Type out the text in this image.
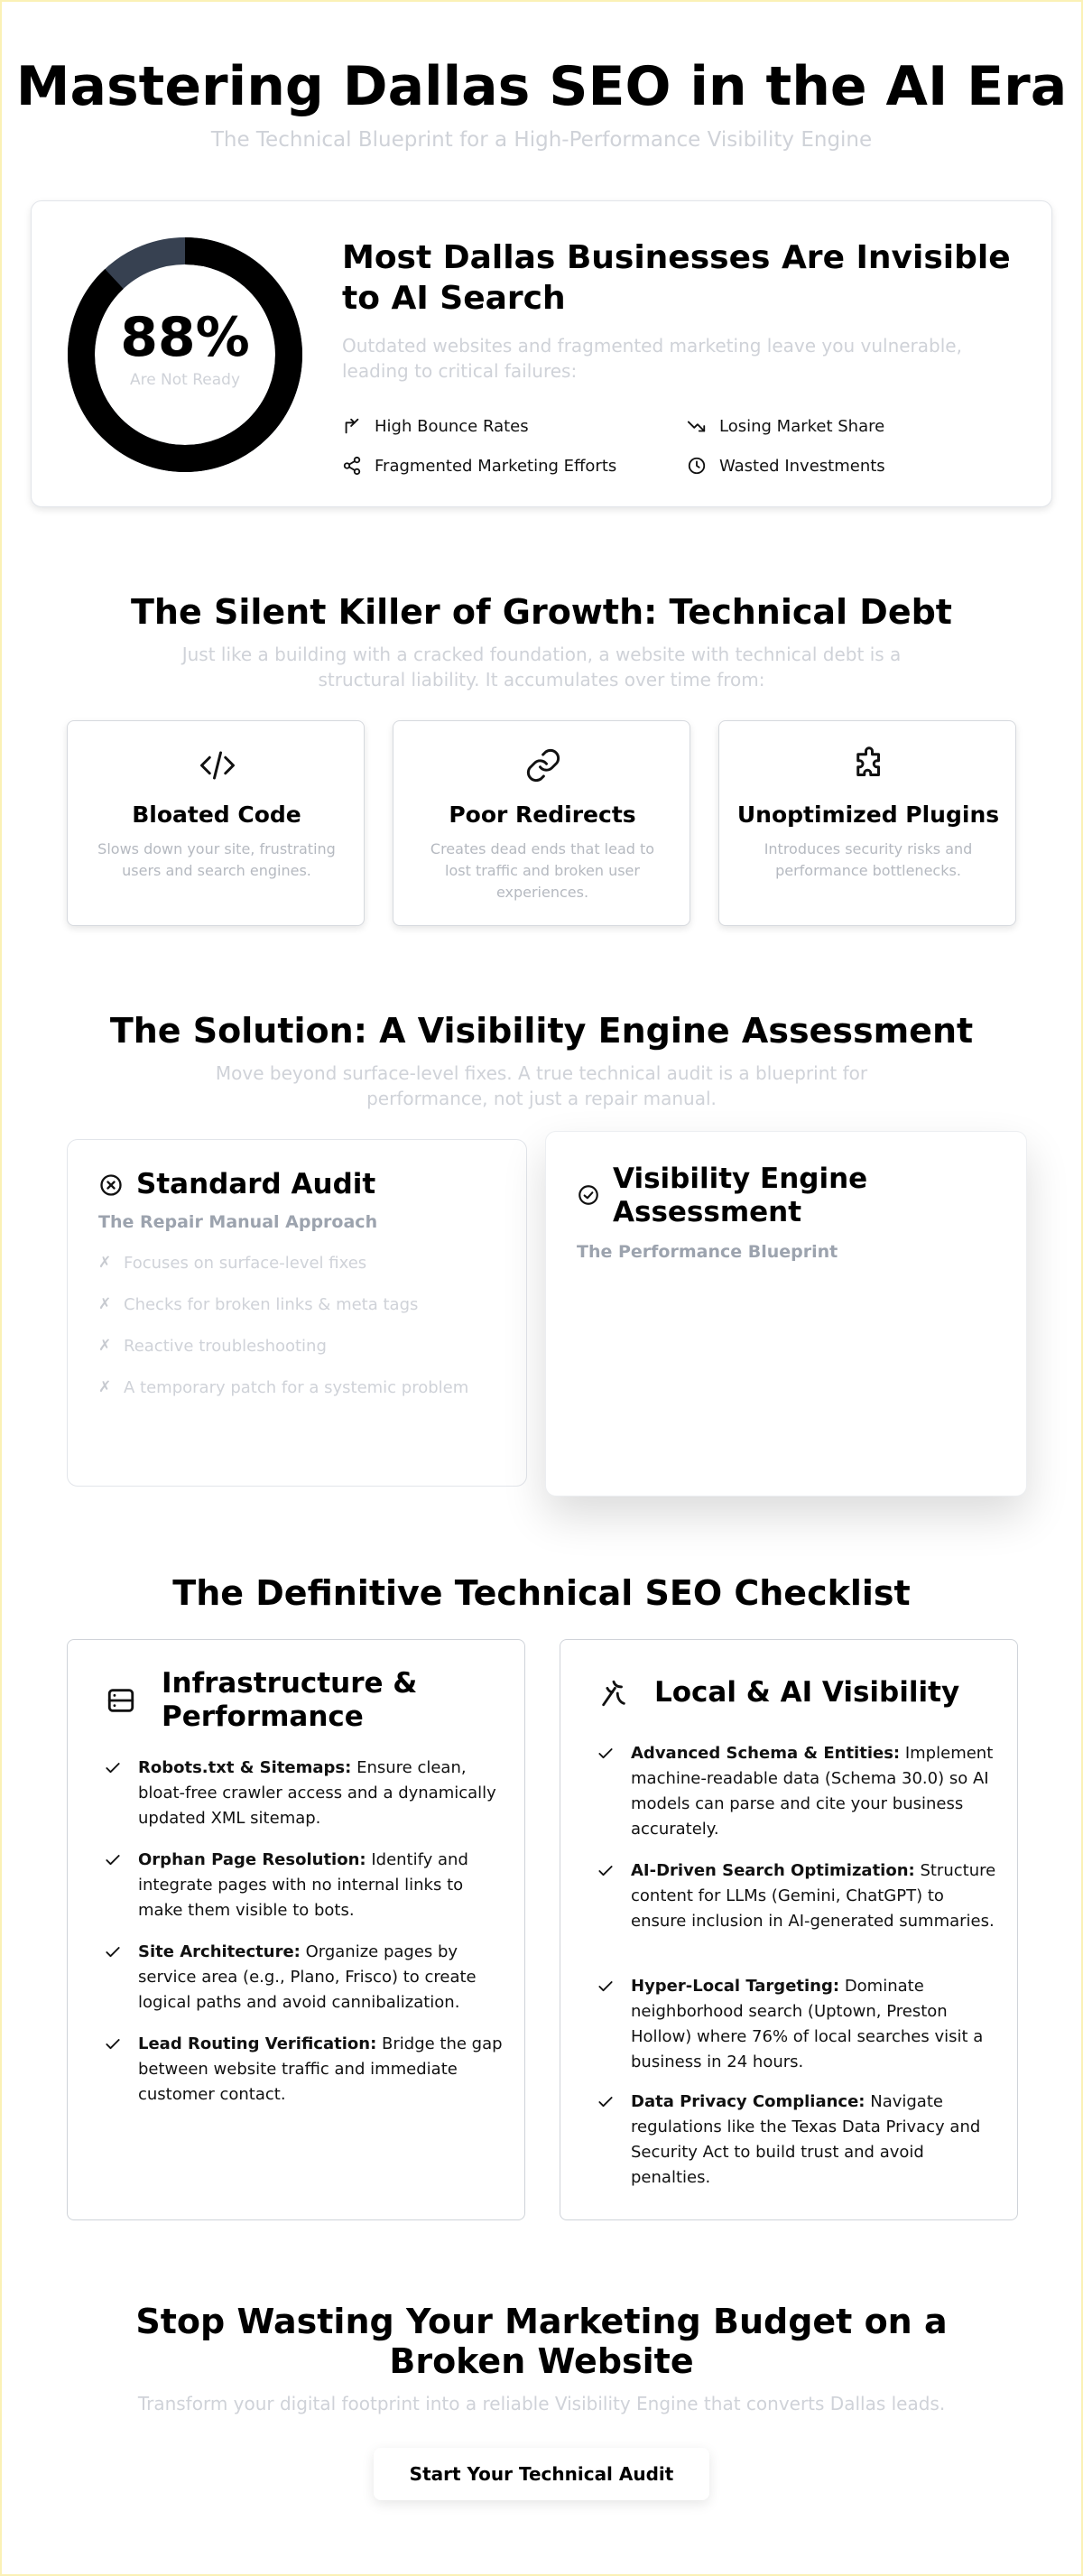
Mastering Dallas SEO in the AI Era

The Technical Blueprint for a High-Performance Visibility Engine

88%
Are Not Ready
Most Dallas Businesses Are Invisible to AI Search

Outdated websites and fragmented marketing leave you vulnerable, leading to critical failures:

High Bounce Rates	Losing Market Share
Fragmented Marketing Efforts	Wasted Investments
The Silent Killer of Growth: Technical Debt

Just like a building with a cracked foundation, a website with technical debt is a structural liability. It accumulates over time from:

Bloated Code

Slows down your site, frustrating users and search engines.

Poor Redirects

Creates dead ends that lead to lost traffic and broken user experiences.

Unoptimized Plugins

Introduces security risks and performance bottlenecks.

The Solution: A Visibility Engine Assessment

Move beyond surface-level fixes. A true technical audit is a blueprint for performance, not just a repair manual.

Standard Audit

The Repair Manual Approach

✗ Focuses on surface-level fixes
✗ Checks for broken links & meta tags
✗ Reactive troubleshooting
✗ A temporary patch for a systemic problem
Visibility Engine Assessment

The Performance Blueprint

The Definitive Technical SEO Checklist
Infrastructure & Performance
Robots.txt & Sitemaps: Ensure clean, bloat-free crawler access and a dynamically updated XML sitemap.
Orphan Page Resolution: Identify and integrate pages with no internal links to make them visible to bots.
Site Architecture: Organize pages by service area (e.g., Plano, Frisco) to create logical paths and avoid cannibalization.
Lead Routing Verification: Bridge the gap between website traffic and immediate customer contact.
Local & AI Visibility
Advanced Schema & Entities: Implement machine-readable data (Schema 30.0) so AI models can parse and cite your business accurately.
AI-Driven Search Optimization: Structure content for LLMs (Gemini, ChatGPT) to ensure inclusion in AI-generated summaries.
Hyper-Local Targeting: Dominate neighborhood search (Uptown, Preston Hollow) where 76% of local searches visit a business in 24 hours.
Data Privacy Compliance: Navigate regulations like the Texas Data Privacy and Security Act to build trust and avoid penalties.
Stop Wasting Your Marketing Budget on a Broken Website

Transform your digital footprint into a reliable Visibility Engine that converts Dallas leads.

Start Your Technical Audit
